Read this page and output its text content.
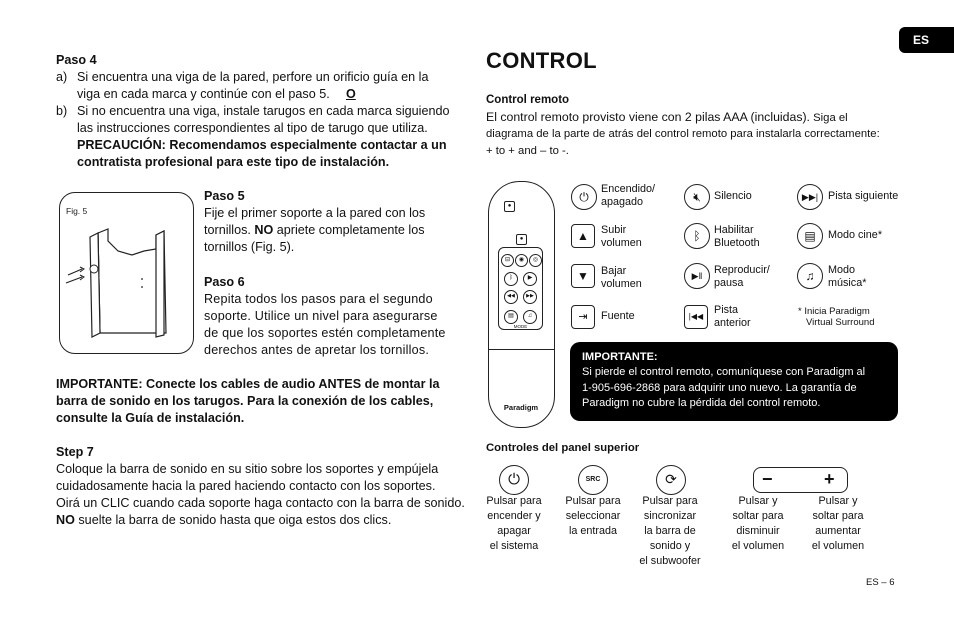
ES
Paso 4
a) Si encuentra una viga de la pared, perfore un orificio guía en la
viga en cada marca y continúe con el paso 5. O
b) Si no encuentra una viga, instale tarugos en cada marca siguiendo
las instrucciones correspondientes al tipo de tarugo que utiliza.
PRECAUCIÓN: Recomendamos especialmente contactar a un
contratista profesional para este tipo de instalación.
Fig. 5
Paso 5
Fije el primer soporte a la pared con los
tornillos. NO apriete completamente los
tornillos (Fig. 5).
Paso 6
Repita todos los pasos para el segundo
soporte. Utilice un nivel para asegurarse
de que los soportes estén completamente
derechos antes de apretar los tornillos.
IMPORTANTE: Conecte los cables de audio ANTES de montar la
barra de sonido en los tarugos. Para la conexión de los cables,
consulte la Guía de instalación.
Step 7
Coloque la barra de sonido en su sitio sobre los soportes y empújela
cuidadosamente hacia la pared haciendo contacto con los soportes.
Oirá un CLIC cuando cada soporte haga contacto con la barra de sonido.
NO suelte la barra de sonido hasta que oiga estos dos clics.
CONTROL
Control remoto
El control remoto provisto viene con 2 pilas AAA (incluidas). Siga el
diagrama de la parte de atrás del control remoto para instalarla correctamente:
+ to + and – to -.
●
●
⊟	◉	◎
ᛒ	▶
◀◀	▶▶
▤	♫
MODE
Paradigm
⏻
Encendido/
apagado	🔇︎	Silencio	▶▶| Pista siguiente
▲	Subir
volumen	ᛒ	Habilitar
Bluetooth	▤	Modo cine*
▼	Bajar
volumen
▶‖	Reproducir/
pausa	♫	Modo
música*
⇥	Fuente	|◀◀
Pista
anterior
* Inicia Paradigm
Virtual Surround
IMPORTANTE:
Si pierde el control remoto, comuníquese con Paradigm al
1-905-696-2868 para adquirir uno nuevo. La garantía de
Paradigm no cubre la pérdida del control remoto.
Controles del panel superior
⏻	SRC	⟳	−	+
Pulsar para
encender y
apagar
el sistema
Pulsar para
seleccionar
la entrada
Pulsar para
sincronizar
la barra de
sonido y
el subwoofer
Pulsar y
soltar para
disminuir
el volumen
Pulsar y
soltar para
aumentar
el volumen
ES – 6
